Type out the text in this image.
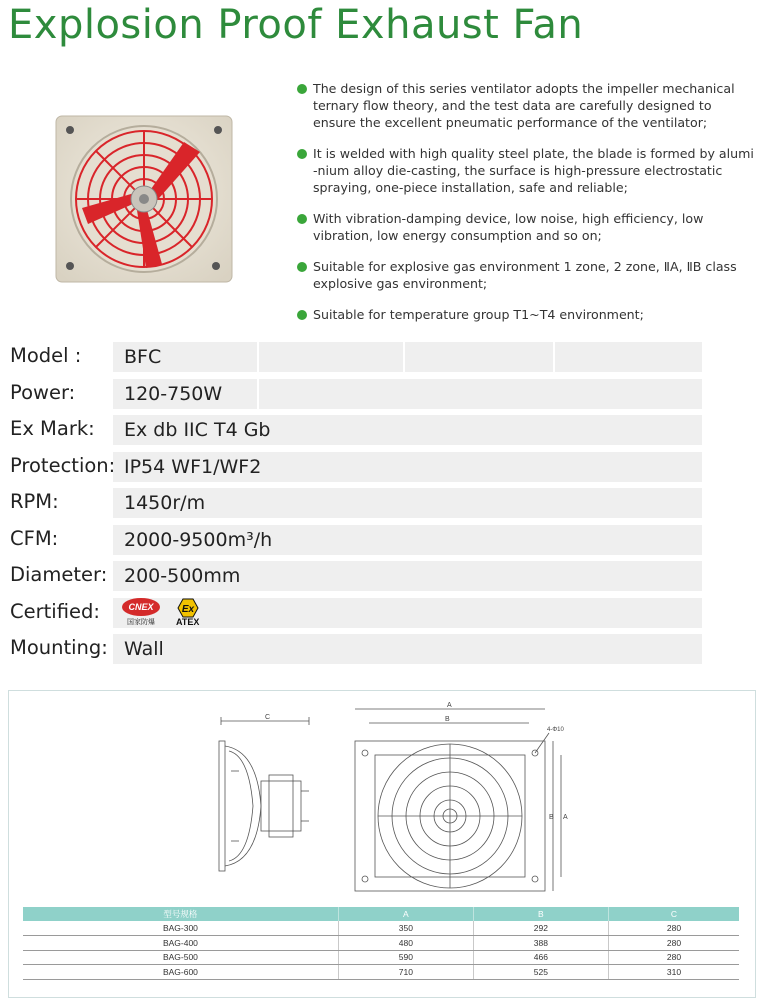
Explosion Proof Exhaust Fan
The design of this series ventilator adopts the impeller mechanical ternary flow theory, and the test data are carefully designed to ensure the excellent pneumatic performance of the ventilator;
It is welded with high quality steel plate, the blade is formed by alumi -nium alloy die-casting, the surface is high-pressure electrostatic spraying, one-piece installation, safe and reliable;
With vibration-damping device, low noise, high efficiency, low vibration, low energy consumption and so on;
Suitable for explosive gas environment 1 zone, 2 zone, ⅡA, ⅡB class explosive gas environment;
Suitable for temperature group T1~T4 environment;
Model : BFC
Power:	120-750W
Ex Mark: Ex db IIC T4 Gb
Protection: IP54 WF1/WF2
RPM:	1450r/m
CFM:	2000-9500m³/h
Diameter: 200-500mm
Certified:	CNEX
国家防爆
Ex
ATEX
Mounting: Wall
C
A
B
4-Φ10
B A
型号规格	A	B	C
BAG-300	350	292	280
BAG-400	480	388	280
BAG-500	590	466	280
BAG-600	710	525	310
